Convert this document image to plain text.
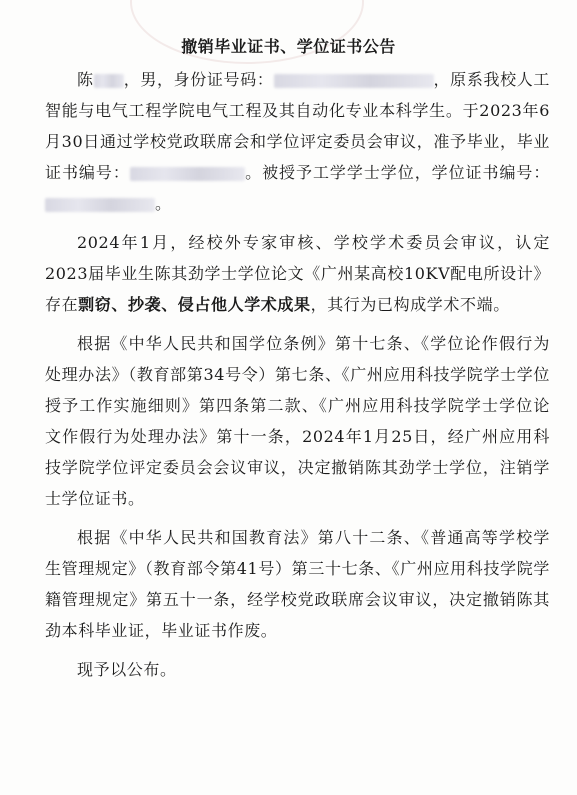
撤销毕业证书、学位证书公告

陈 ，男，身份证号码：	，原系我校人工智能与电气工程学院电气工程及其自动化专业本科学生。于2023年6月30日通过学校党政联席会和学位评定委员会审议，准予毕业，毕业证书编号：	。被授予工学学士学位，学位证书编号：。

2024年1月，经校外专家审核、学校学术委员会审议，认定2023届毕业生陈其劲学士学位论文《广州某高校10KV配电所设计》存在剽窃、抄袭、侵占他人学术成果，其行为已构成学术不端。

根据《中华人民共和国学位条例》第十七条、《学位论作假行为处理办法》（教育部第34号令）第七条、《广州应用科技学院学士学位授予工作实施细则》第四条第二款、《广州应用科技学院学士学位论文作假行为处理办法》第十一条，2024年1月25日，经广州应用科技学院学位评定委员会会议审议，决定撤销陈其劲学士学位，注销学士学位证书。

根据《中华人民共和国教育法》第八十二条、《普通高等学校学生管理规定》（教育部令第41号）第三十七条、《广州应用科技学院学籍管理规定》第五十一条，经学校党政联席会议审议，决定撤销陈其劲本科毕业证，毕业证书作废。

现予以公布。
